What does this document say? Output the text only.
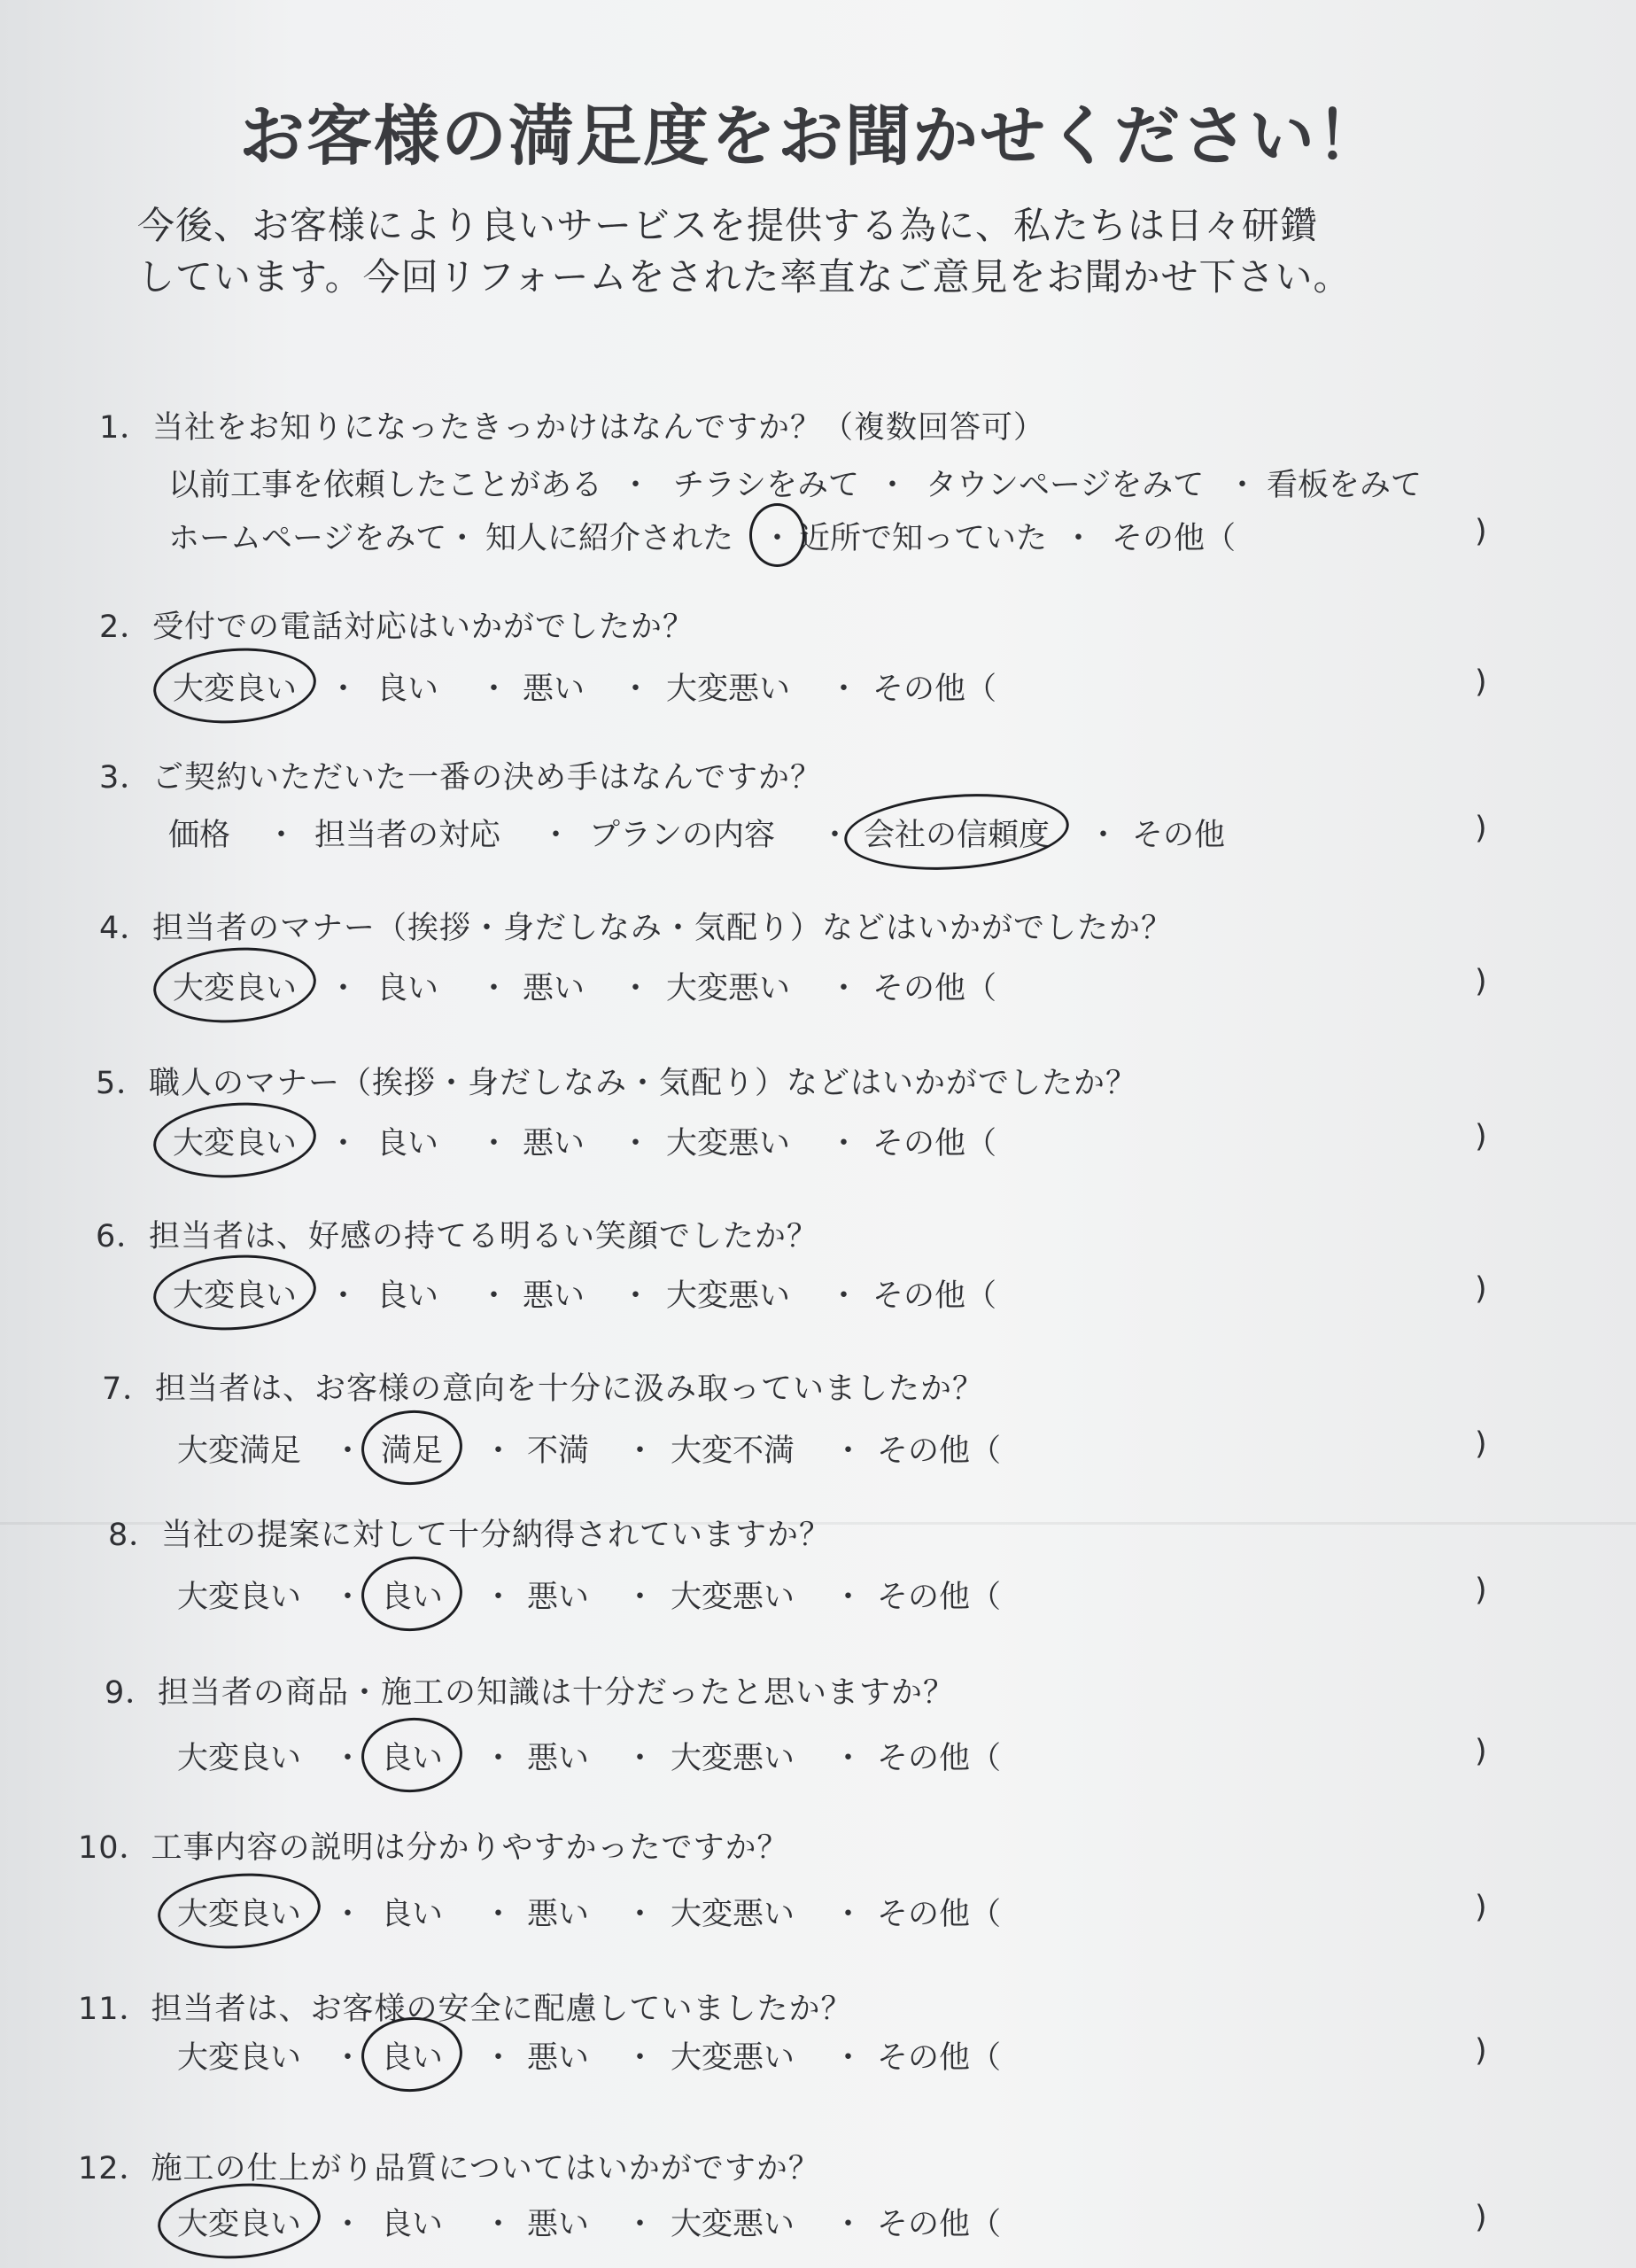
お客様の満足度をお聞かせください！
今後、お客様により良いサービスを提供する為に、私たちは日々研鑽
しています。今回リフォームをされた率直なご意見をお聞かせ下さい。
1．当社をお知りになったきっかけはなんですか？（複数回答可）
以前工事を依頼したことがある チラシをみて タウンページをみて 看板をみて
・	・	・
ホームページをみて・ 知人に紹介された 近所で知っていた その他（
・	・	)
2．受付での電話対応はいかがでしたか？
大変良い	良い	悪い	大変悪い	その他（
・	・	・	・	)
3．ご契約いただいた一番の決め手はなんですか？
価格	担当者の対応	プランの内容	会社の信頼度	その他
・	・	・	・	)
4．担当者のマナー（挨拶・身だしなみ・気配り）などはいかがでしたか？
大変良い	良い	悪い	大変悪い	その他（
・	・	・	・	)
5．職人のマナー（挨拶・身だしなみ・気配り）などはいかがでしたか？
大変良い	良い	悪い	大変悪い	その他（
・	・	・	・	)
6．担当者は、好感の持てる明るい笑顔でしたか？
大変良い	良い	悪い	大変悪い	その他（
・	・	・	・	)
7．担当者は、お客様の意向を十分に汲み取っていましたか？
大変満足	満足	不満	大変不満	その他（
・	・	・	・	)
8．当社の提案に対して十分納得されていますか？
大変良い	良い	悪い	大変悪い	その他（
・	・	・	・	)
9．担当者の商品・施工の知識は十分だったと思いますか？
大変良い	良い	悪い	大変悪い	その他（
・	・	・	・	)
10．工事内容の説明は分かりやすかったですか？
大変良い	良い	悪い	大変悪い	その他（
・	・	・	・	)
11．担当者は、お客様の安全に配慮していましたか？
大変良い	良い	悪い	大変悪い	その他（
・	・	・	・	)
12．施工の仕上がり品質についてはいかがですか？
大変良い	良い	悪い	大変悪い	その他（
・	・	・	・	)
